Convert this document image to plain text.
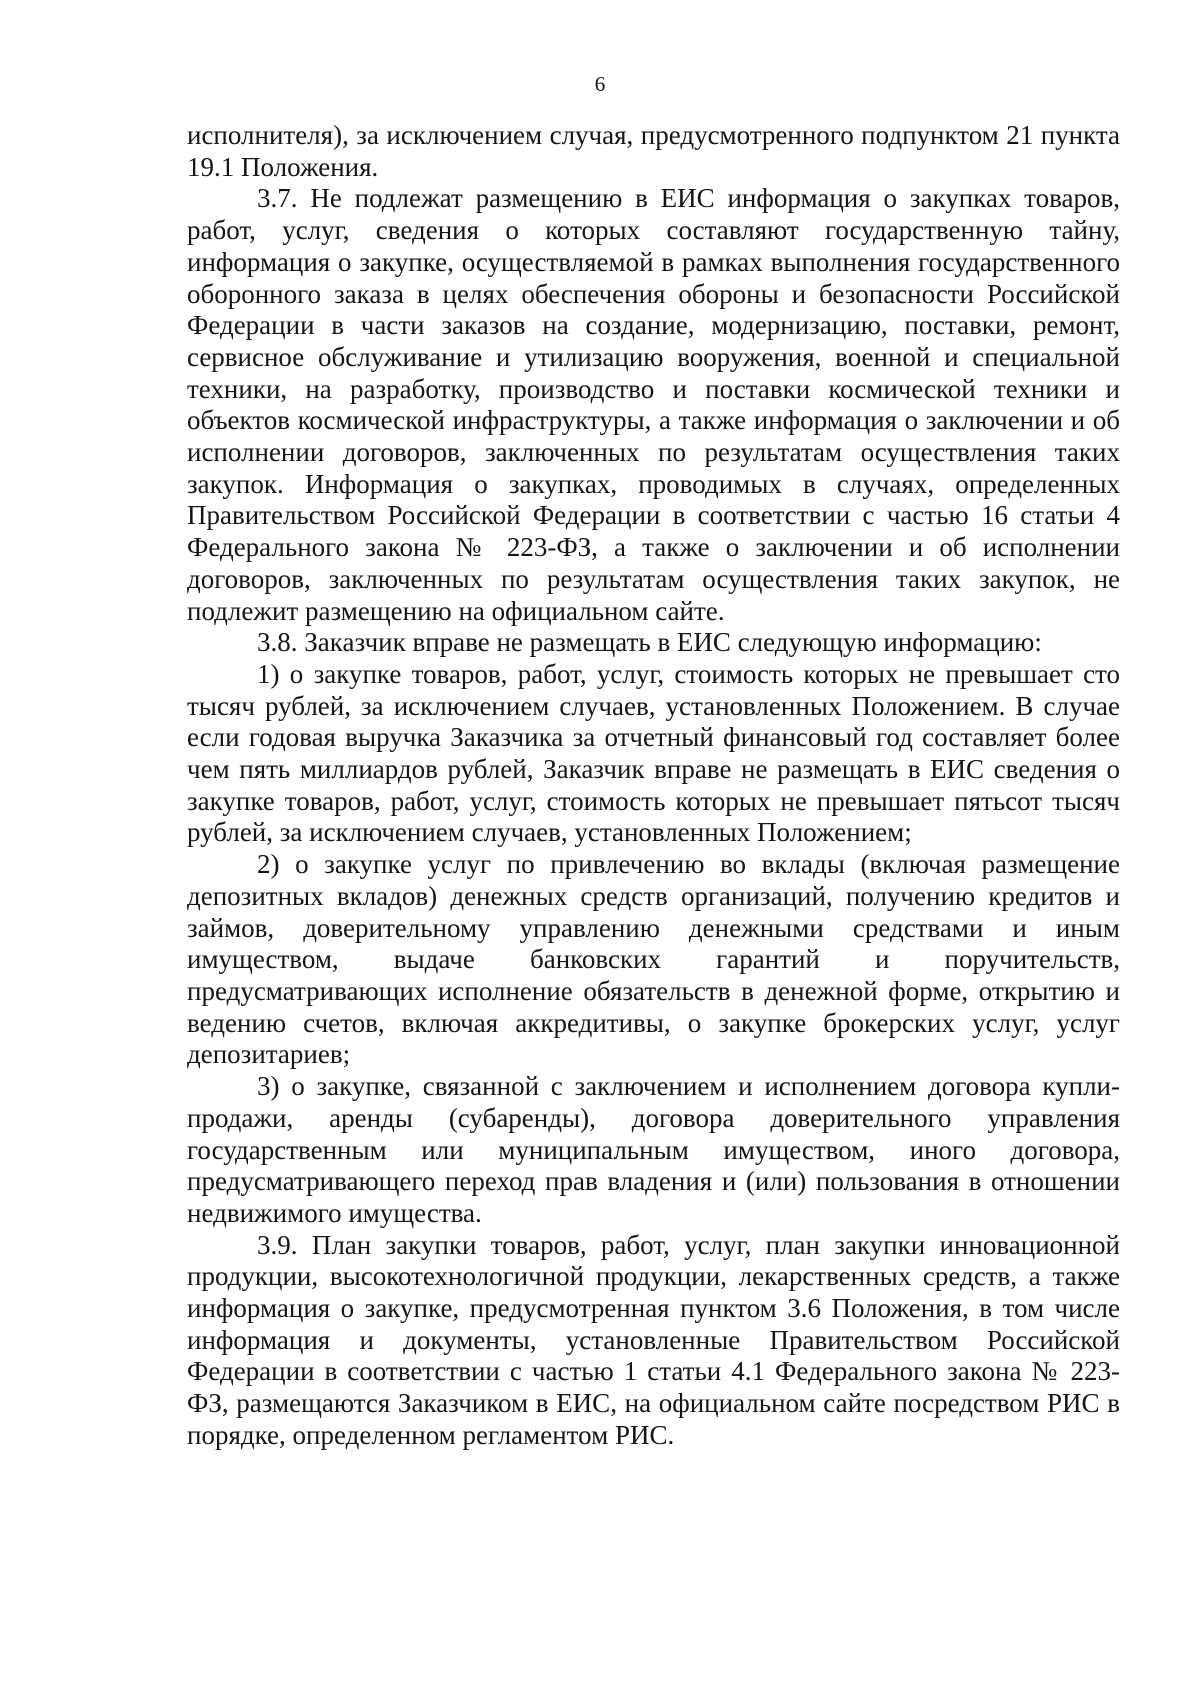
6

исполнителя), за исключением случая, предусмотренного подпунктом 21 пункта 19.1 Положения.

3.7. Не подлежат размещению в ЕИС информация о закупках товаров, работ, услуг, сведения о которых составляют государственную тайну, информация о закупке, осуществляемой в рамках выполнения государственного оборонного заказа в целях обеспечения обороны и безопасности Российской Федерации в части заказов на создание, модернизацию, поставки, ремонт, сервисное обслуживание и утилизацию вооружения, военной и специальной техники, на разработку, производство и поставки космической техники и объектов космической инфраструктуры, а также информация о заключении и об исполнении договоров, заключенных по результатам осуществления таких закупок. Информация о закупках, проводимых в случаях, определенных Правительством Российской Федерации в соответствии с частью 16 статьи 4 Федерального закона № 223-ФЗ, а также о заключении и об исполнении договоров, заключенных по результатам осуществления таких закупок, не подлежит размещению на официальном сайте.

3.8. Заказчик вправе не размещать в ЕИС следующую информацию:

1) о закупке товаров, работ, услуг, стоимость которых не превышает сто тысяч рублей, за исключением случаев, установленных Положением. В случае если годовая выручка Заказчика за отчетный финансовый год составляет более чем пять миллиардов рублей, Заказчик вправе не размещать в ЕИС сведения о закупке товаров, работ, услуг, стоимость которых не превышает пятьсот тысяч рублей, за исключением случаев, установленных Положением;

2) о закупке услуг по привлечению во вклады (включая размещение депозитных вкладов) денежных средств организаций, получению кредитов и займов, доверительному управлению денежными средствами и иным имуществом, выдаче банковских гарантий и поручительств, предусматривающих исполнение обязательств в денежной форме, открытию и ведению счетов, включая аккредитивы, о закупке брокерских услуг, услуг депозитариев;

3) о закупке, связанной с заключением и исполнением договора купли-продажи, аренды (субаренды), договора доверительного управления государственным или муниципальным имуществом, иного договора, предусматривающего переход прав владения и (или) пользования в отношении недвижимого имущества.

3.9. План закупки товаров, работ, услуг, план закупки инновационной продукции, высокотехнологичной продукции, лекарственных средств, а также информация о закупке, предусмотренная пунктом 3.6 Положения, в том числе информация и документы, установленные Правительством Российской Федерации в соответствии с частью 1 статьи 4.1 Федерального закона № 223-ФЗ, размещаются Заказчиком в ЕИС, на официальном сайте посредством РИС в порядке, определенном регламентом РИС.
